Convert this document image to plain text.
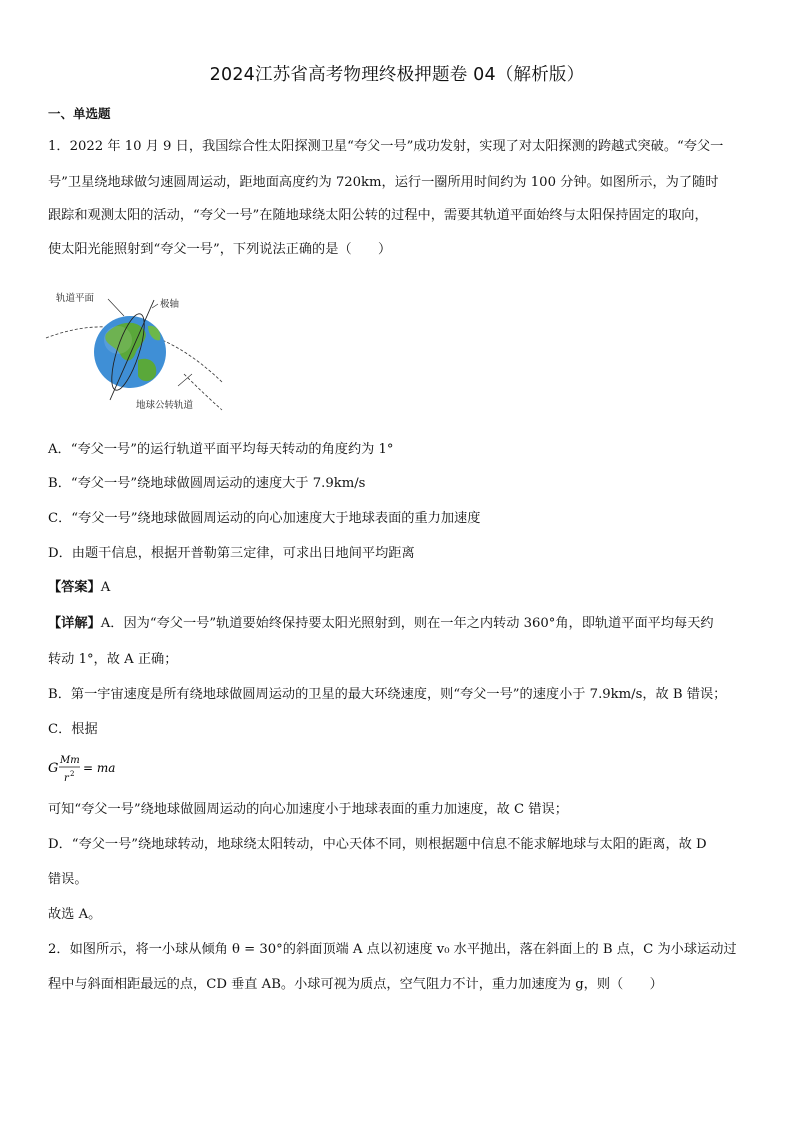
2024江苏省高考物理终极押题卷 04（解析版）
一、单选题
1．2022 年 10 月 9 日，我国综合性太阳探测卫星“夸父一号”成功发射，实现了对太阳探测的跨越式突破。“夸父一
号”卫星绕地球做匀速圆周运动，距地面高度约为 720km，运行一圈所用时间约为 100 分钟。如图所示，为了随时
跟踪和观测太阳的活动，“夸父一号”在随地球绕太阳公转的过程中，需要其轨道平面始终与太阳保持固定的取向，
使太阳光能照射到“夸父一号”，下列说法正确的是（　　）
轨道平面
极轴
地球公转轨道
A．“夸父一号”的运行轨道平面平均每天转动的角度约为 1°
B．“夸父一号”绕地球做圆周运动的速度大于 7.9km/s
C．“夸父一号”绕地球做圆周运动的向心加速度大于地球表面的重力加速度
D．由题干信息，根据开普勒第三定律，可求出日地间平均距离
【答案】A
【详解】A．因为“夸父一号”轨道要始终保持要太阳光照射到，则在一年之内转动 360°角，即轨道平面平均每天约
转动 1°，故 A 正确；
B．第一宇宙速度是所有绕地球做圆周运动的卫星的最大环绕速度，则“夸父一号”的速度小于 7.9km/s，故 B 错误；
C．根据
G
Mm
r 2 = ma
可知“夸父一号”绕地球做圆周运动的向心加速度小于地球表面的重力加速度，故 C 错误；
D．“夸父一号”绕地球转动，地球绕太阳转动，中心天体不同，则根据题中信息不能求解地球与太阳的距离，故 D
错误。
故选 A。
2．如图所示，将一小球从倾角 θ = 30°的斜面顶端 A 点以初速度 v₀ 水平抛出，落在斜面上的 B 点，C 为小球运动过
程中与斜面相距最远的点，CD 垂直 AB。小球可视为质点，空气阻力不计，重力加速度为 g，则（　　）
